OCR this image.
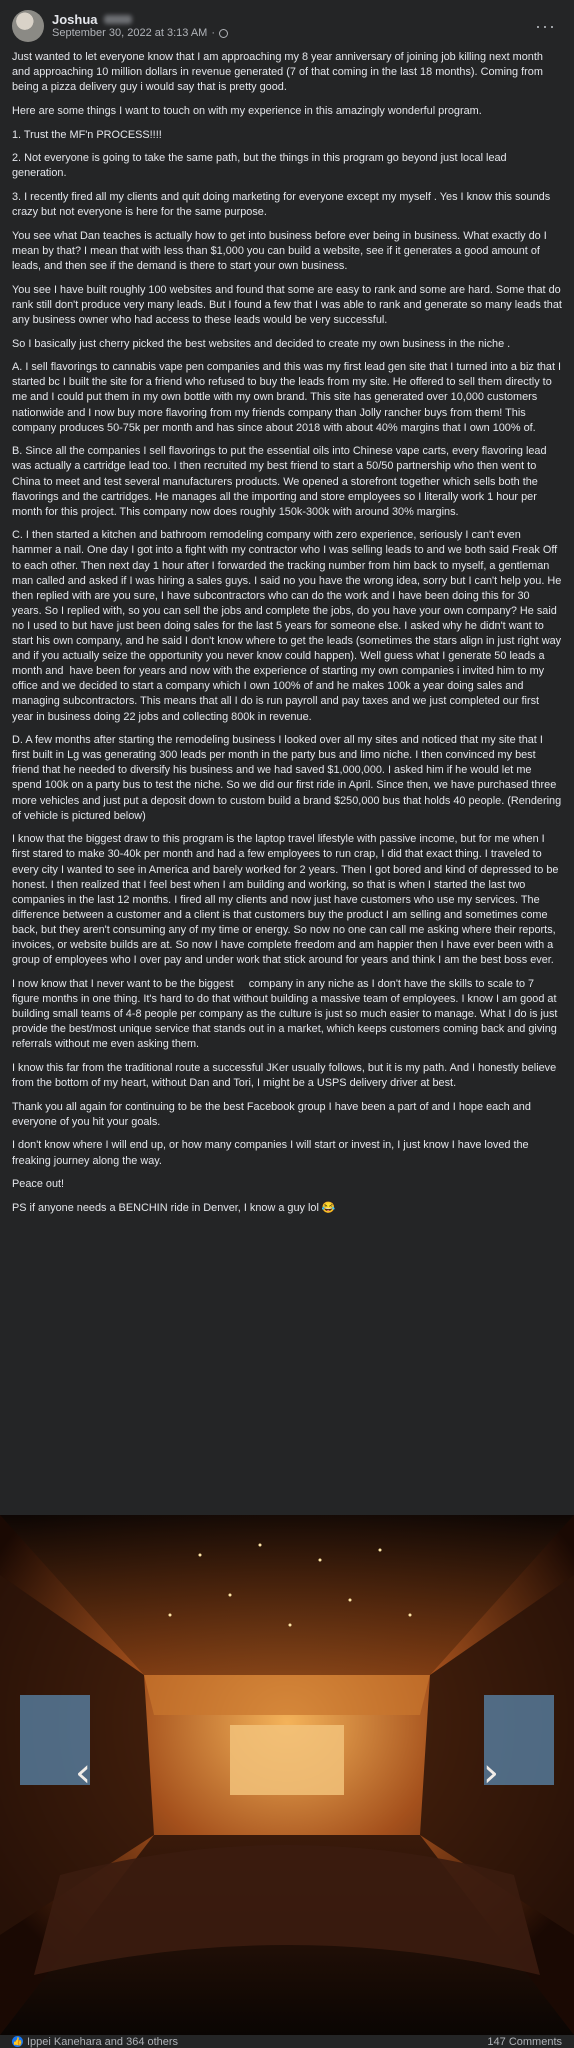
Joshua
September 30, 2022 at 3:13 AM ·	···

Just wanted to let everyone know that I am approaching my 8 year anniversary of joining job killing next month and approaching 10 million dollars in revenue generated (7 of that coming in the last 18 months). Coming from being a pizza delivery guy i would say that is pretty good.

Here are some things I want to touch on with my experience in this amazingly wonderful program.

1. Trust the MF'n PROCESS!!!!

2. Not everyone is going to take the same path, but the things in this program go beyond just local lead generation.

3. I recently fired all my clients and quit doing marketing for everyone except my myself . Yes I know this sounds crazy but not everyone is here for the same purpose.

You see what Dan teaches is actually how to get into business before ever being in business. What exactly do I mean by that? I mean that with less than $1,000 you can build a website, see if it generates a good amount of leads, and then see if the demand is there to start your own business.

You see I have built roughly 100 websites and found that some are easy to rank and some are hard. Some that do rank still don't produce very many leads. But I found a few that I was able to rank and generate so many leads that any business owner who had access to these leads would be very successful.

So I basically just cherry picked the best websites and decided to create my own business in the niche .

A. I sell flavorings to cannabis vape pen companies and this was my first lead gen site that I turned into a biz that I started bc I built the site for a friend who refused to buy the leads from my site. He offered to sell them directly to me and I could put them in my own bottle with my own brand. This site has generated over 10,000 customers nationwide and I now buy more flavoring from my friends company than Jolly rancher buys from them! This company produces 50-75k per month and has since about 2018 with about 40% margins that I own 100% of.

B. Since all the companies I sell flavorings to put the essential oils into Chinese vape carts, every flavoring lead was actually a cartridge lead too. I then recruited my best friend to start a 50/50 partnership who then went to China to meet and test several manufacturers products. We opened a storefront together which sells both the flavorings and the cartridges. He manages all the importing and store employees so I literally work 1 hour per month for this project. This company now does roughly 150k-300k with around 30% margins.

C. I then started a kitchen and bathroom remodeling company with zero experience, seriously I can't even hammer a nail. One day I got into a fight with my contractor who I was selling leads to and we both said Freak Off to each other. Then next day 1 hour after I forwarded the tracking number from him back to myself, a gentleman man called and asked if I was hiring a sales guys. I said no you have the wrong idea, sorry but I can't help you. He then replied with are you sure, I have subcontractors who can do the work and I have been doing this for 30 years. So I replied with, so you can sell the jobs and complete the jobs, do you have your own company? He said no I used to but have just been doing sales for the last 5 years for someone else. I asked why he didn't want to start his own company, and he said I don't know where to get the leads (sometimes the stars align in just right way and if you actually seize the opportunity you never know could happen). Well guess what I generate 50 leads a month and  have been for years and now with the experience of starting my own companies i invited him to my office and we decided to start a company which I own 100% of and he makes 100k a year doing sales and managing subcontractors. This means that all I do is run payroll and pay taxes and we just completed our first year in business doing 22 jobs and collecting 800k in revenue.

D. A few months after starting the remodeling business I looked over all my sites and noticed that my site that I first built in Lg was generating 300 leads per month in the party bus and limo niche. I then convinced my best friend that he needed to diversify his business and we had saved $1,000,000. I asked him if he would let me spend 100k on a party bus to test the niche. So we did our first ride in April. Since then, we have purchased three more vehicles and just put a deposit down to custom build a brand $250,000 bus that holds 40 people. (Rendering of vehicle is pictured below)

I know that the biggest draw to this program is the laptop travel lifestyle with passive income, but for me when I first stared to make 30-40k per month and had a few employees to run crap, I did that exact thing. I traveled to every city I wanted to see in America and barely worked for 2 years. Then I got bored and kind of depressed to be honest. I then realized that I feel best when I am building and working, so that is when I started the last two companies in the last 12 months. I fired all my clients and now just have customers who use my services. The difference between a customer and a client is that customers buy the product I am selling and sometimes come back, but they aren't consuming any of my time or energy. So now no one can call me asking where their reports, invoices, or website builds are at. So now I have complete freedom and am happier then I have ever been with a group of employees who I over pay and under work that stick around for years and think I am the best boss ever.

I now know that I never want to be the biggest     company in any niche as I don't have the skills to scale to 7 figure months in one thing. It's hard to do that without building a massive team of employees. I know I am good at building small teams of 4-8 people per company as the culture is just so much easier to manage. What I do is just provide the best/most unique service that stands out in a market, which keeps customers coming back and giving referrals without me even asking them.

I know this far from the traditional route a successful JKer usually follows, but it is my path. And I honestly believe from the bottom of my heart, without Dan and Tori, I might be a USPS delivery driver at best.

Thank you all again for continuing to be the best Facebook group I have been a part of and I hope each and everyone of you hit your goals.

I don't know where I will end up, or how many companies I will start or invest in, I just know I have loved the freaking journey along the way.

Peace out!

PS if anyone needs a BENCHIN ride in Denver, I know a guy lol 😂

‹	›
👍 Ippei Kanehara and 364 others	147 Comments
